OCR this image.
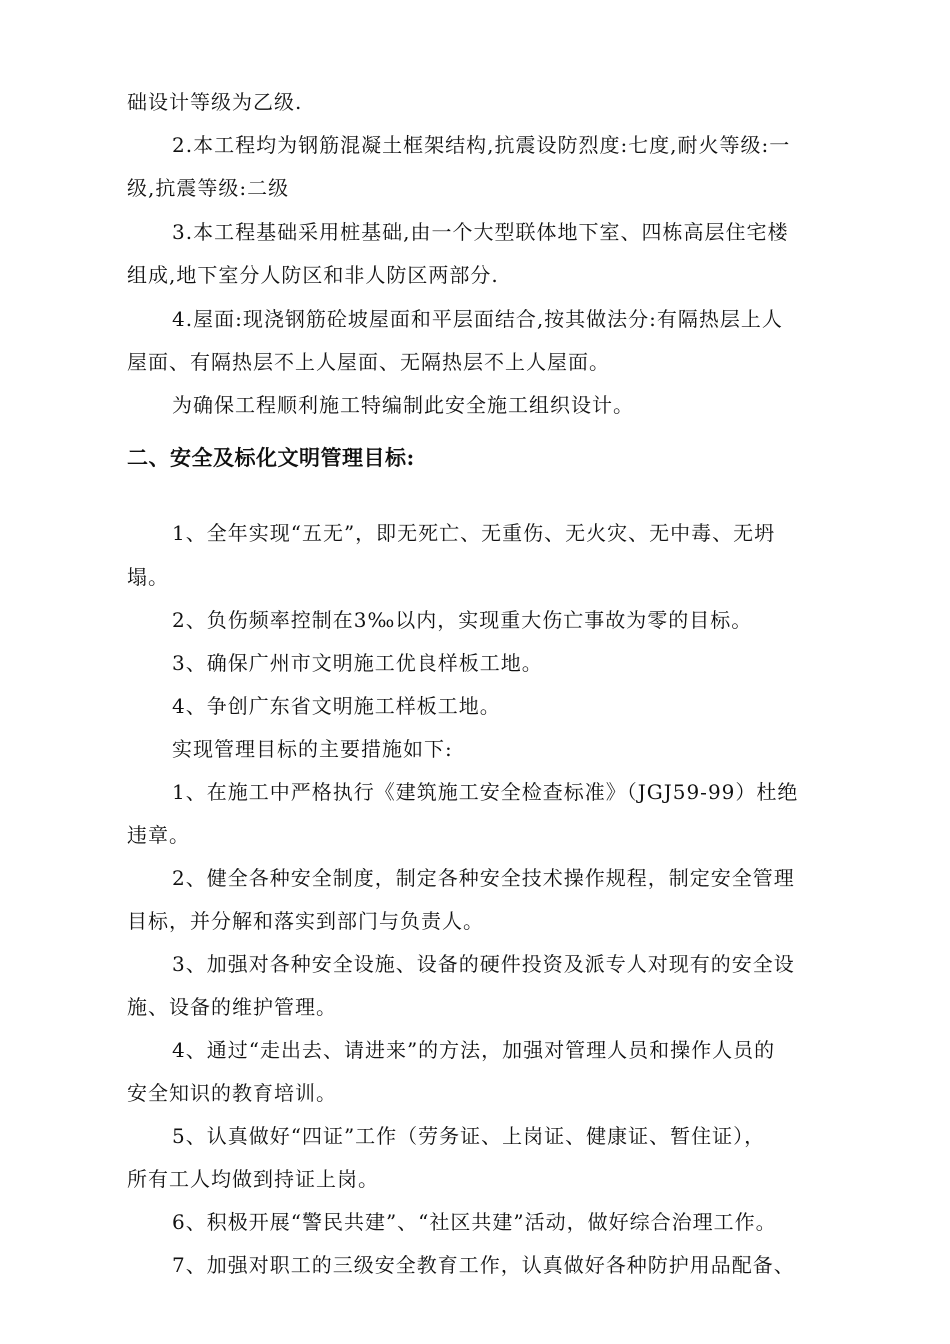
础设计等级为乙级.
2.本工程均为钢筋混凝土框架结构,抗震设防烈度:七度,耐火等级:一
级,抗震等级:二级
3.本工程基础采用桩基础,由一个大型联体地下室、四栋高层住宅楼
组成,地下室分人防区和非人防区两部分.
4.屋面:现浇钢筋砼坡屋面和平层面结合,按其做法分:有隔热层上人
屋面、有隔热层不上人屋面、无隔热层不上人屋面。
为确保工程顺利施工特编制此安全施工组织设计。
二、安全及标化文明管理目标:
1、全年实现“五无”，即无死亡、无重伤、无火灾、无中毒、无坍
塌。
2、负伤频率控制在3‰以内，实现重大伤亡事故为零的目标。
3、确保广州市文明施工优良样板工地。
4、争创广东省文明施工样板工地。
实现管理目标的主要措施如下:
1、在施工中严格执行《建筑施工安全检查标准》（JGJ59-99）杜绝
违章。
2、健全各种安全制度，制定各种安全技术操作规程，制定安全管理
目标，并分解和落实到部门与负责人。
3、加强对各种安全设施、设备的硬件投资及派专人对现有的安全设
施、设备的维护管理。
4、通过“走出去、请进来”的方法，加强对管理人员和操作人员的
安全知识的教育培训。
5、认真做好“四证”工作（劳务证、上岗证、健康证、暂住证），
所有工人均做到持证上岗。
6、积极开展“警民共建”、“社区共建”活动，做好综合治理工作。
7、加强对职工的三级安全教育工作，认真做好各种防护用品配备、
